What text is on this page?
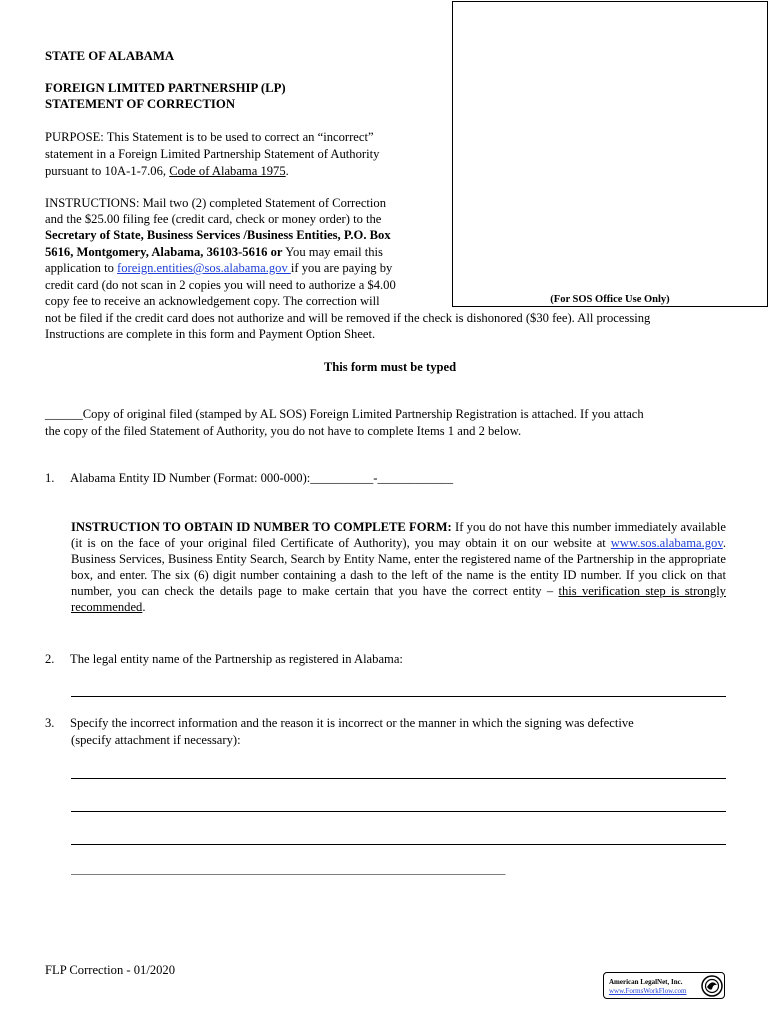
(For SOS Office Use Only)
STATE OF ALABAMA
FOREIGN LIMITED PARTNERSHIP (LP)
STATEMENT OF CORRECTION
PURPOSE: This Statement is to be used to correct an “incorrect”
statement in a Foreign Limited Partnership Statement of Authority
pursuant to 10A-1-7.06, Code of Alabama 1975.
INSTRUCTIONS: Mail two (2) completed Statement of Correction
and the $25.00 filing fee (credit card, check or money order) to the
Secretary of State, Business Services /Business Entities, P.O. Box
5616, Montgomery, Alabama, 36103-5616 or You may email this
application to foreign.entities@sos.alabama.gov if you are paying by
credit card (do not scan in 2 copies you will need to authorize a $4.00
copy fee to receive an acknowledgement copy. The correction will
not be filed if the credit card does not authorize and will be removed if the check is dishonored ($30 fee). All processing
Instructions are complete in this form and Payment Option Sheet.
This form must be typed
______Copy of original filed (stamped by AL SOS) Foreign Limited Partnership Registration is attached. If you attach
the copy of the filed Statement of Authority, you do not have to complete Items 1 and 2 below.
1. Alabama Entity ID Number (Format: 000-000):__________-____________
INSTRUCTION TO OBTAIN ID NUMBER TO COMPLETE FORM: If you do not have this number immediately available (it is on the face of your original filed Certificate of Authority), you may obtain it on our website at www.sos.alabama.gov. Business Services, Business Entity Search, Search by Entity Name, enter the registered name of the Partnership in the appropriate box, and enter. The six (6) digit number containing a dash to the left of the name is the entity ID number. If you click on that number, you can check the details page to make certain that you have the correct entity – this verification step is strongly recommended.
2. The legal entity name of the Partnership as registered in Alabama:
3. Specify the incorrect information and the reason it is incorrect or the manner in which the signing was defective
(specify attachment if necessary):
_______________________________________________________________________________
FLP Correction - 01/2020
American LegalNet, Inc.
www.FormsWorkFlow.com
